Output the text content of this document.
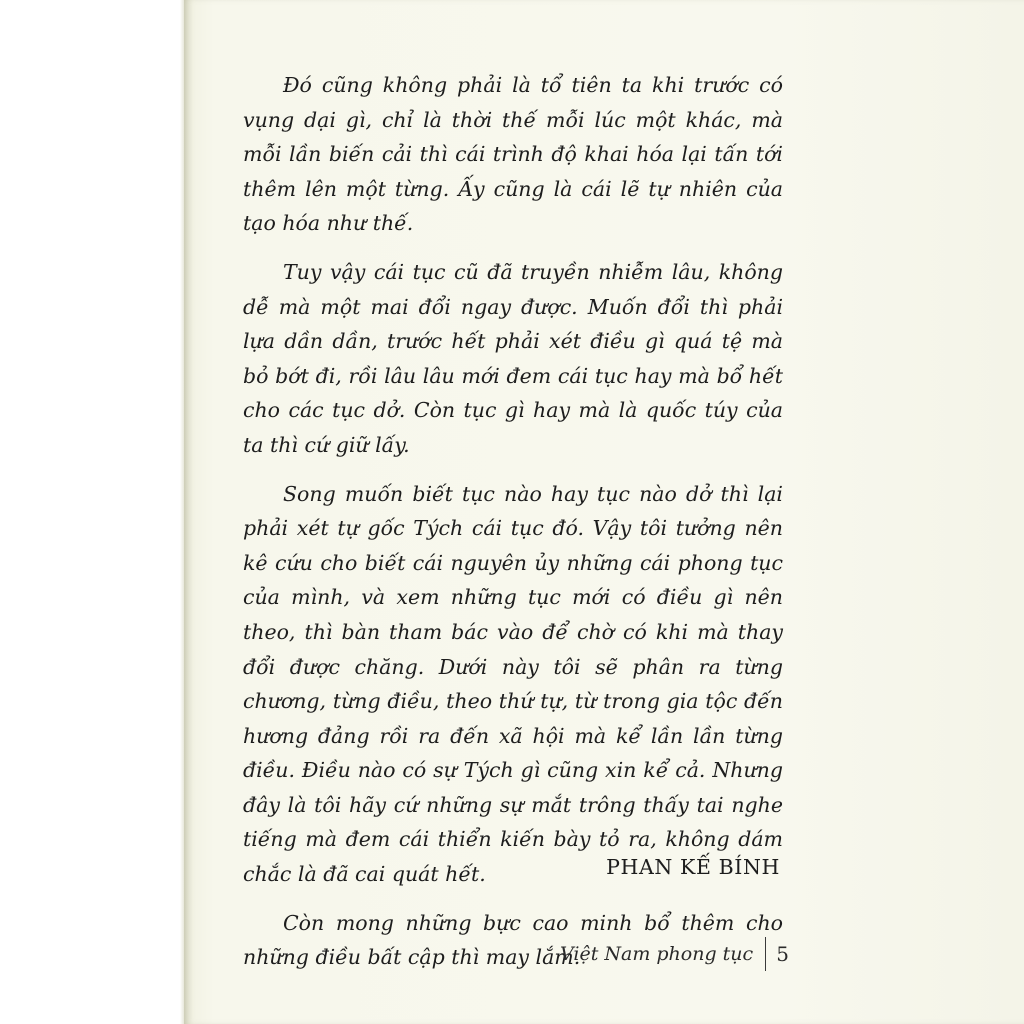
Đó cũng không phải là tổ tiên ta khi trước có vụng dại gì, chỉ là thời thế mỗi lúc một khác, mà mỗi lần biến cải thì cái trình độ khai hóa lại tấn tới thêm lên một từng. Ấy cũng là cái lẽ tự nhiên của tạo hóa như thế.

Tuy vậy cái tục cũ đã truyền nhiễm lâu, không dễ mà một mai đổi ngay được. Muốn đổi thì phải lựa dần dần, trước hết phải xét điều gì quá tệ mà bỏ bớt đi, rồi lâu lâu mới đem cái tục hay mà bổ hết cho các tục dở. Còn tục gì hay mà là quốc túy của ta thì cứ giữ lấy.

Song muốn biết tục nào hay tục nào dở thì lại phải xét tự gốc Tých cái tục đó. Vậy tôi tưởng nên kê cứu cho biết cái nguyên ủy những cái phong tục của mình, và xem những tục mới có điều gì nên theo, thì bàn tham bác vào để chờ có khi mà thay đổi được chăng. Dưới này tôi sẽ phân ra từng chương, từng điều, theo thứ tự, từ trong gia tộc đến hương đảng rồi ra đến xã hội mà kể lần lần từng điều. Điều nào có sự Tých gì cũng xin kể cả. Nhưng đây là tôi hãy cứ những sự mắt trông thấy tai nghe tiếng mà đem cái thiển kiến bày tỏ ra, không dám chắc là đã cai quát hết.

Còn mong những bực cao minh bổ thêm cho những điều bất cập thì may lắm.

PHAN KẾ BÍNH
Việt Nam phong tục	5
